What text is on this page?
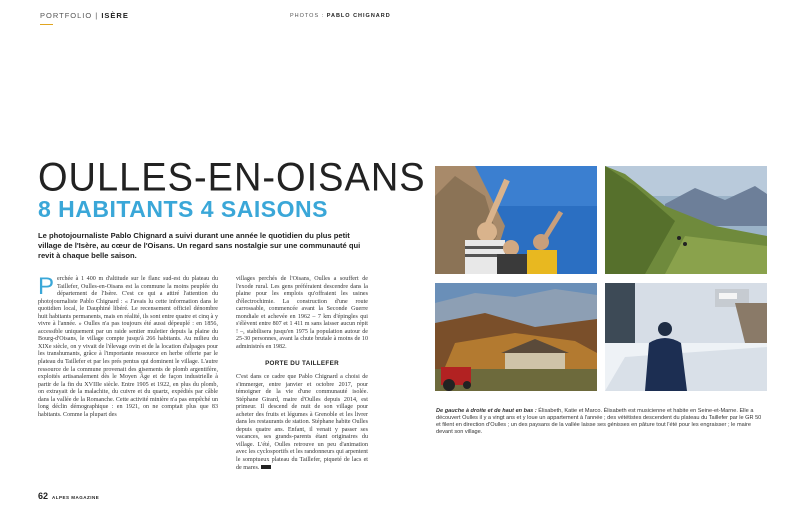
PORTFOLIO | ISÈRE	PHOTOS : PABLO CHIGNARD
OULLES-EN-OISANS
8 HABITANTS 4 SAISONS
Le photojournaliste Pablo Chignard a suivi durant une année le quotidien du plus petit village de l'Isère, au cœur de l'Oisans. Un regard sans nostalgie sur une communauté qui revit à chaque belle saison.
P erchée à 1 400 m d'altitude sur le flanc sud-est du plateau du Taillefer, Oulles-en-Oisans est la commune la moins peuplée du département de l'Isère. C'est ce qui a attiré l'attention du photojournaliste Pablo Chignard : « J'avais lu cette information dans le quotidien local, le Dauphiné libéré. Le recensement officiel dénombre huit habitants permanents, mais en réalité, ils sont entre quatre et cinq à y vivre à l'année. » Oulles n'a pas toujours été aussi dépeuplé : en 1856, accessible uniquement par un raide sentier muletier depuis la plaine du Bourg-d'Oisans, le village compte jusqu'à 266 habitants. Au milieu du XIXe siècle, on y vivait de l'élevage ovin et de la location d'alpages pour les transhumants, grâce à l'importante ressource en herbe offerte par le plateau du Taillefer et par les prés pentus qui dominent le village. L'autre ressource de la commune provenait des gisements de plomb argentifère, exploités artisanalement dès le Moyen Âge et de façon industrielle à partir de la fin du XVIIIe siècle. Entre 1905 et 1922, en plus du plomb, on extrayait de la malachite, du cuivre et du quartz, expédiés par câble dans la vallée de la Romanche. Cette activité minière n'a pas empêché un long déclin démographique : en 1921, on ne comptait plus que 83 habitants. Comme la plupart des
villages perchés de l'Oisans, Oulles a souffert de l'exode rural. Les gens préféraient descendre dans la plaine pour les emplois qu'offraient les usines d'électrochimie. La construction d'une route carrossable, commencée avant la Seconde Guerre mondiale et achevée en 1962 – 7 km d'épingles qui s'élèvent entre 807 et 1 411 m sans laisser aucun répit ! –, stabilisera jusqu'en 1975 la population autour de 25-30 personnes, avant la chute brutale à moins de 10 administrés en 1982.
PORTE DU TAILLEFER
C'est dans ce cadre que Pablo Chignard a choisi de s'immerger, entre janvier et octobre 2017, pour témoigner de la vie d'une communauté isolée. Stéphane Girard, maire d'Oulles depuis 2014, est primeur. Il descend de nuit de son village pour acheter des fruits et légumes à Grenoble et les livrer dans les restaurants de station. Stéphane habite Oulles depuis quatre ans. Enfant, il venait y passer ses vacances, ses grands-parents étant originaires du village. L'été, Oulles retrouve un peu d'animation avec les cyclosportifs et les randonneurs qui arpentent le somptueux plateau du Taillefer, piqueté de lacs et de mares.
62 ALPES MAGAZINE
De gauche à droite et de haut en bas : Élisabeth, Katie et Marco. Élisabeth est musicienne et habite en Seine-et-Marne. Elle a découvert Oulles il y a vingt ans et y loue un appartement à l'année ; des vététistes descendent du plateau du Taillefer par le GR 50 et filent en direction d'Oulles ; un des paysans de la vallée laisse ses génisses en pâture tout l'été pour les engraisser ; le maire devant son village.
